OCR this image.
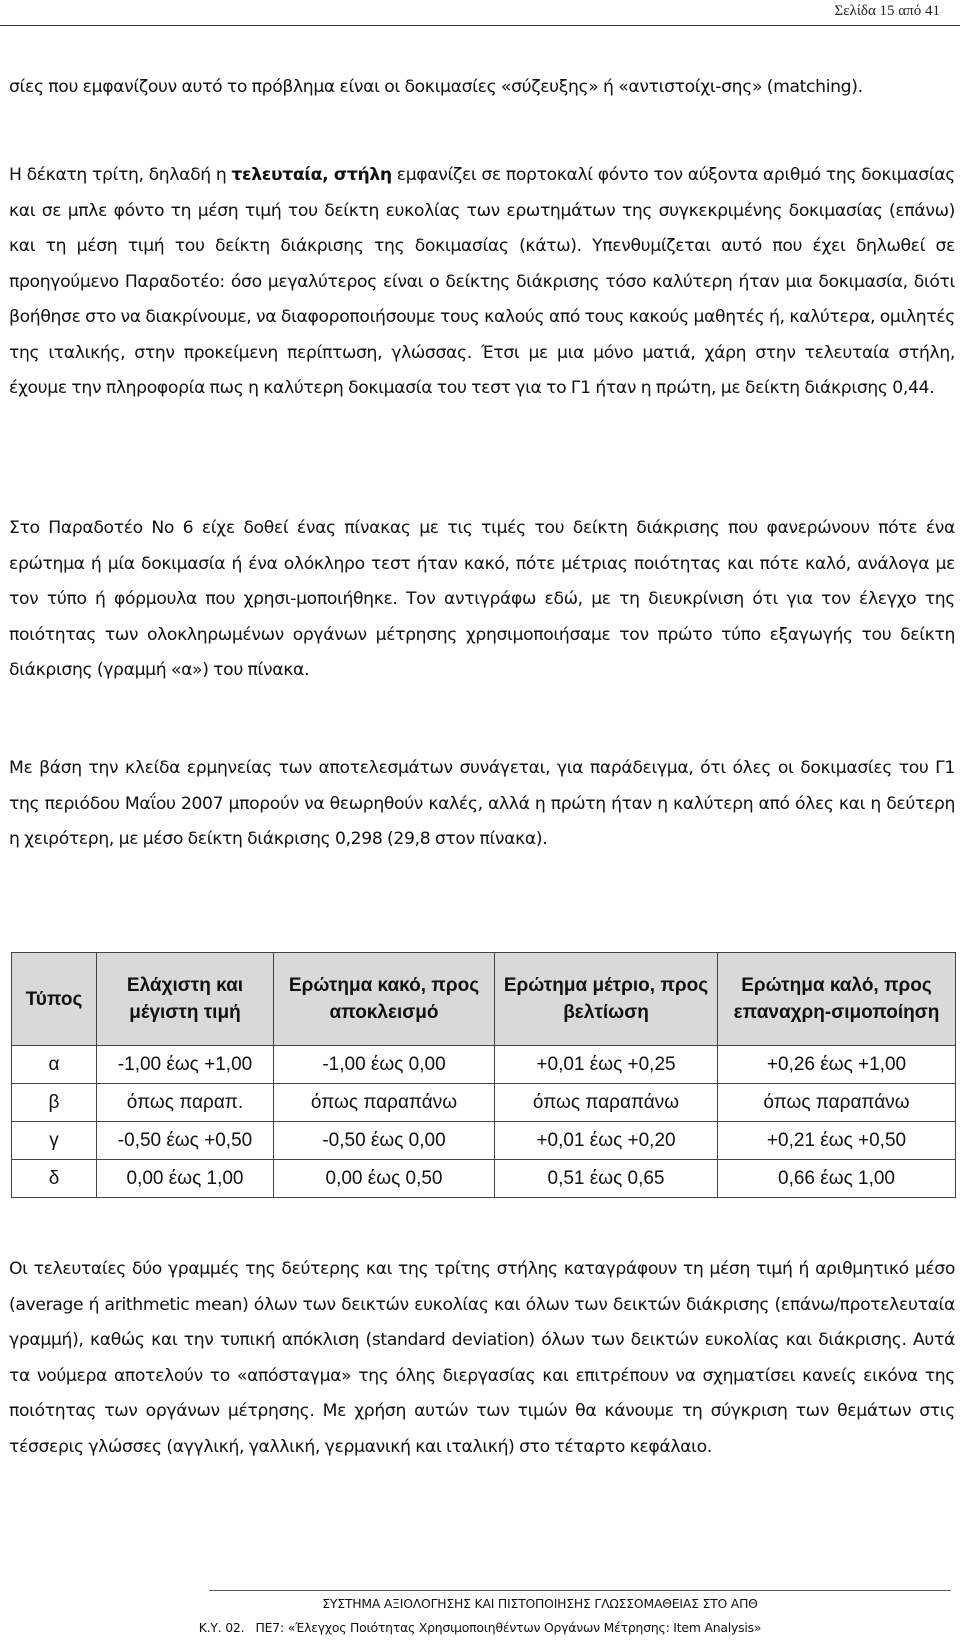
Σελίδα 15 από 41

σίες που εμφανίζουν αυτό το πρόβλημα είναι οι δοκιμασίες «σύζευξης» ή «αντιστοίχι-σης» (matching).

Η δέκατη τρίτη, δηλαδή η τελευταία, στήλη εμφανίζει σε πορτοκαλί φόντο τον αύξοντα αριθμό της δοκιμασίας και σε μπλε φόντο τη μέση τιμή του δείκτη ευκολίας των ερωτημάτων της συγκεκριμένης δοκιμασίας (επάνω) και τη μέση τιμή του δείκτη διάκρισης της δοκιμασίας (κάτω). Υπενθυμίζεται αυτό που έχει δηλωθεί σε προηγούμενο Παραδοτέο: όσο μεγαλύτερος είναι ο δείκτης διάκρισης τόσο καλύτερη ήταν μια δοκιμασία, διότι βοήθησε στο να διακρίνουμε, να διαφοροποιήσουμε τους καλούς από τους κακούς μαθητές ή, καλύτερα, ομιλητές της ιταλικής, στην προκείμενη περίπτωση, γλώσσας. Έτσι με μια μόνο ματιά, χάρη στην τελευταία στήλη, έχουμε την πληροφορία πως η καλύτερη δοκιμασία του τεστ για το Γ1 ήταν η πρώτη, με δείκτη διάκρισης 0,44.

Στο Παραδοτέο Νο 6 είχε δοθεί ένας πίνακας με τις τιμές του δείκτη διάκρισης που φανερώνουν πότε ένα ερώτημα ή μία δοκιμασία ή ένα ολόκληρο τεστ ήταν κακό, πότε μέτριας ποιότητας και πότε καλό, ανάλογα με τον τύπο ή φόρμουλα που χρησι-μοποιήθηκε. Τον αντιγράφω εδώ, με τη διευκρίνιση ότι για τον έλεγχο της ποιότητας των ολοκληρωμένων οργάνων μέτρησης χρησιμοποιήσαμε τον πρώτο τύπο εξαγωγής του δείκτη διάκρισης (γραμμή «α») του πίνακα.

Με βάση την κλείδα ερμηνείας των αποτελεσμάτων συνάγεται, για παράδειγμα, ότι όλες οι δοκιμασίες του Γ1 της περιόδου Μαΐου 2007 μπορούν να θεωρηθούν καλές, αλλά η πρώτη ήταν η καλύτερη από όλες και η δεύτερη η χειρότερη, με μέσο δείκτη διάκρισης 0,298 (29,8 στον πίνακα).

Τύπος	Ελάχιστη και μέγιστη τιμή	Ερώτημα κακό, προς αποκλεισμό	Ερώτημα μέτριο, προς βελτίωση	Ερώτημα καλό, προς επαναχρη-σιμοποίηση
α	-1,00 έως +1,00	-1,00 έως 0,00	+0,01 έως +0,25	+0,26 έως +1,00
β	όπως παραπ.	όπως παραπάνω	όπως παραπάνω	όπως παραπάνω
γ	-0,50 έως +0,50	-0,50 έως 0,00	+0,01 έως +0,20	+0,21 έως +0,50
δ	0,00 έως 1,00	0,00 έως 0,50	0,51 έως 0,65	0,66 έως 1,00

Οι τελευταίες δύο γραμμές της δεύτερης και της τρίτης στήλης καταγράφουν τη μέση τιμή ή αριθμητικό μέσο (average ή arithmetic mean) όλων των δεικτών ευκολίας και όλων των δεικτών διάκρισης (επάνω/προτελευταία γραμμή), καθώς και την τυπική απόκλιση (standard deviation) όλων των δεικτών ευκολίας και διάκρισης. Αυτά τα νούμερα αποτελούν το «απόσταγμα» της όλης διεργασίας και επιτρέπουν να σχηματίσει κανείς εικόνα της ποιότητας των οργάνων μέτρησης. Με χρήση αυτών των τιμών θα κάνουμε τη σύγκριση των θεμάτων στις τέσσερις γλώσσες (αγγλική, γαλλική, γερμανική και ιταλική) στο τέταρτο κεφάλαιο.

ΣΥΣΤΗΜΑ ΑΞΙΟΛΟΓΗΣΗΣ ΚΑΙ ΠΙΣΤΟΠΟΙΗΣΗΣ ΓΛΩΣΣΟΜΑΘΕΙΑΣ ΣΤΟ ΑΠΘ
Κ.Υ. 02.   ΠΕ7: «Έλεγχος Ποιότητας Χρησιμοποιηθέντων Οργάνων Μέτρησης: Item Analysis»
